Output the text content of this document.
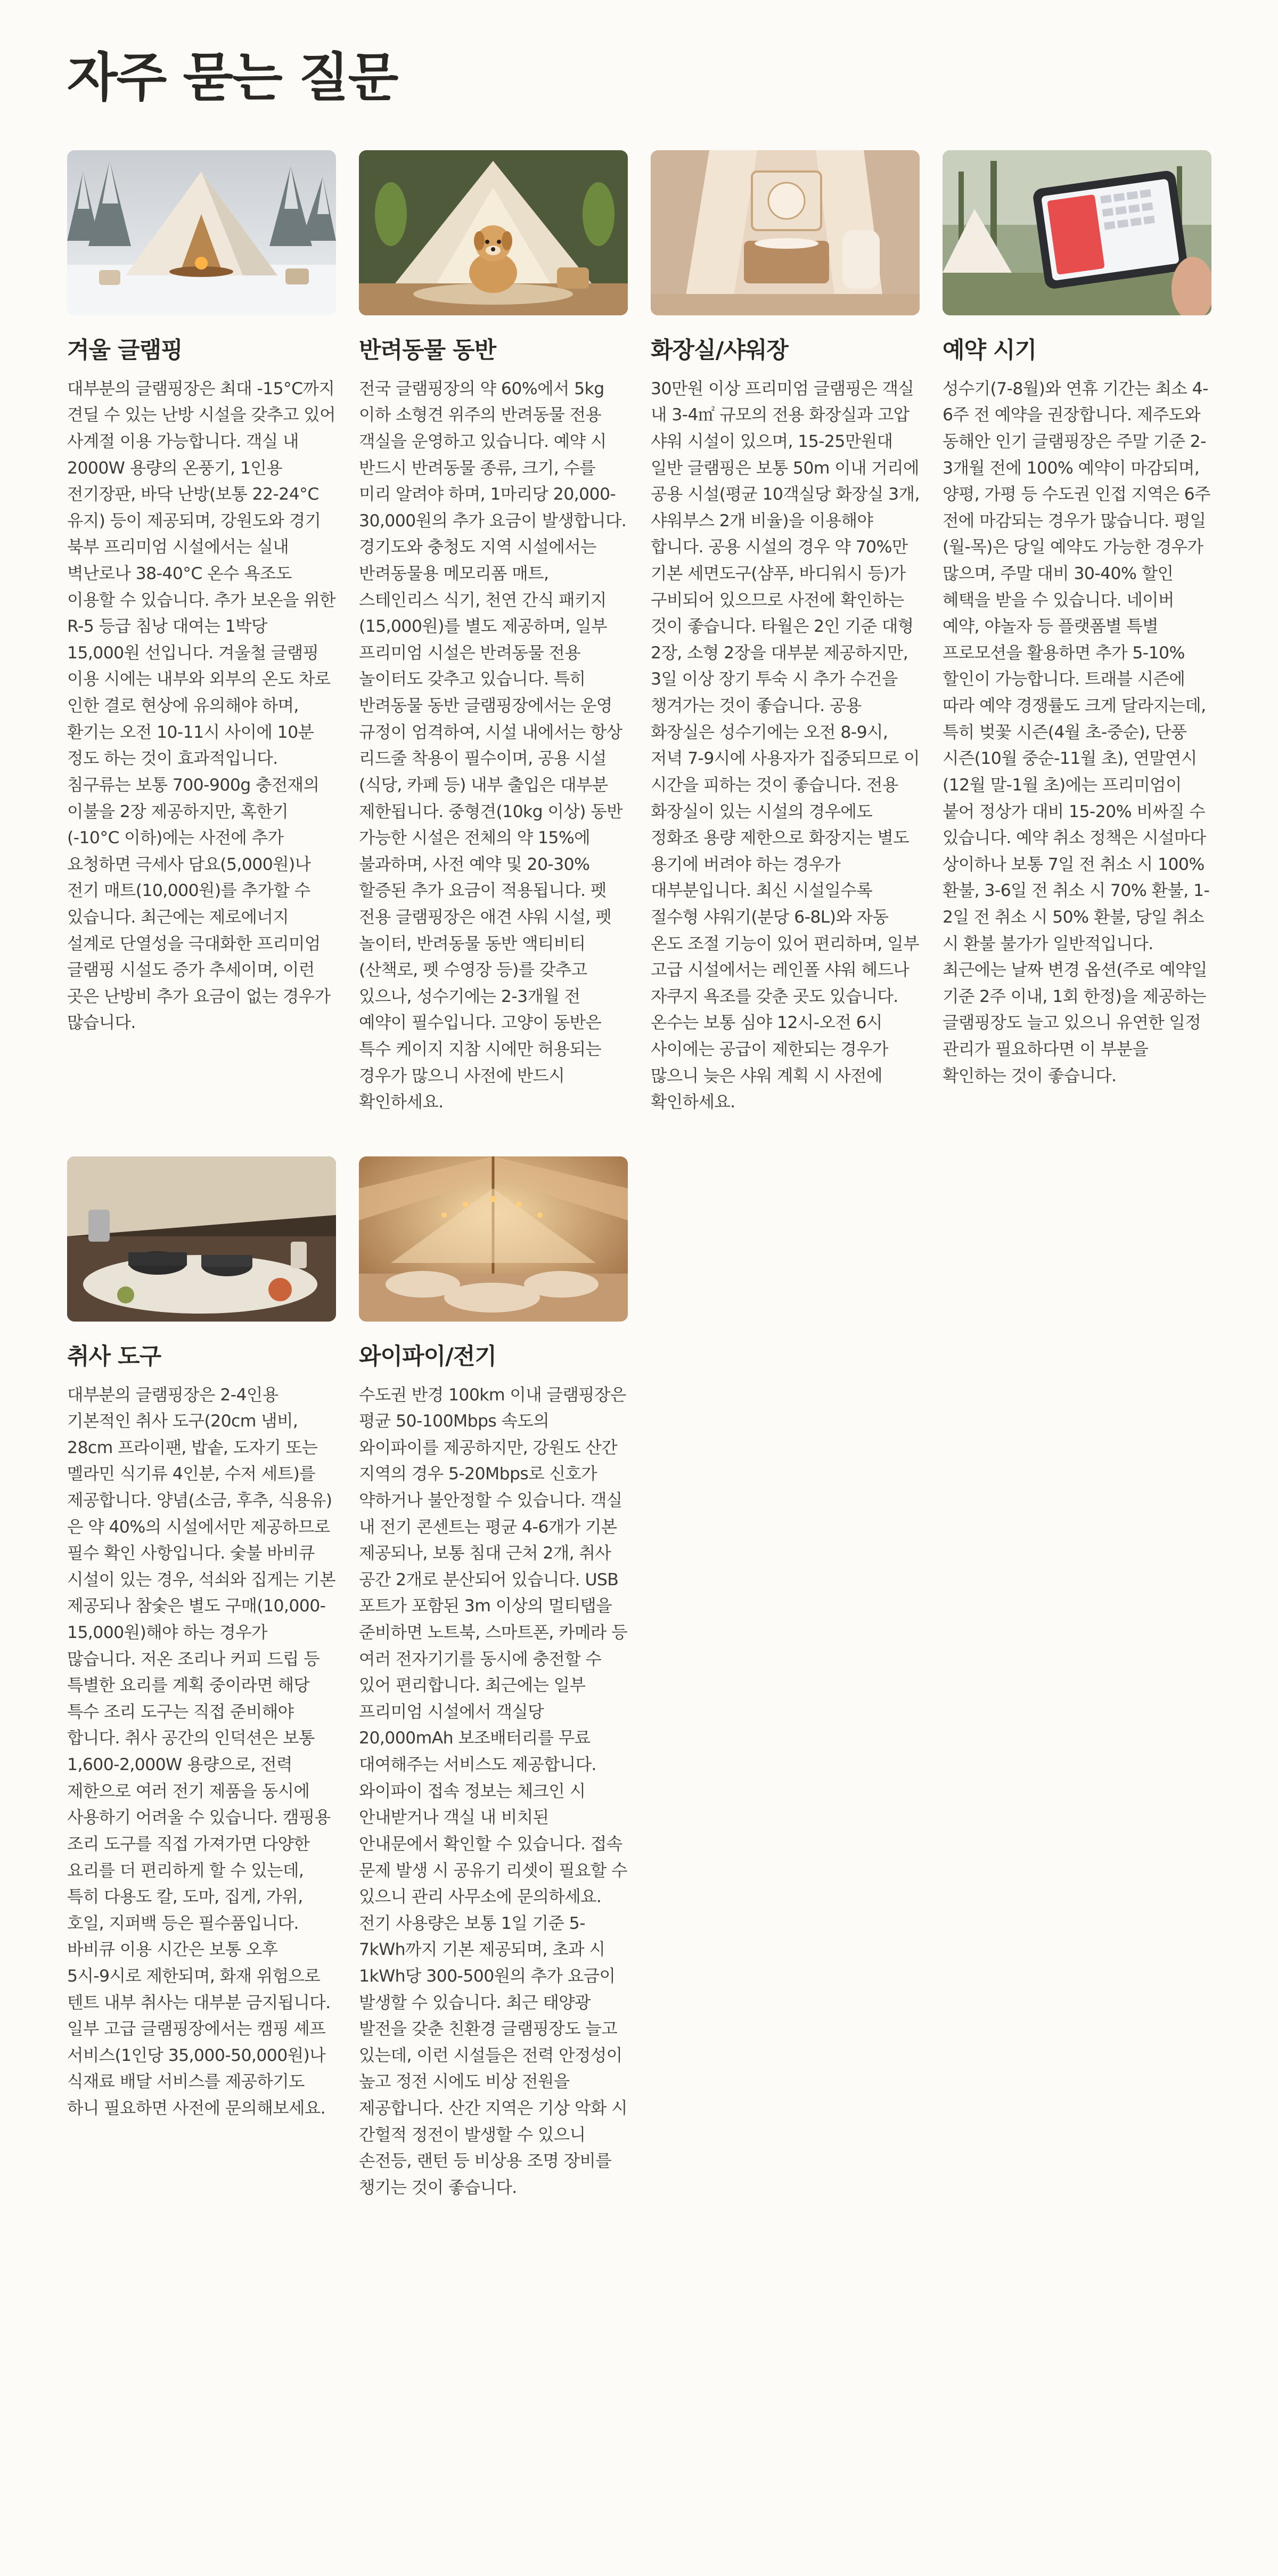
자주 묻는 질문
겨울 글램핑

대부분의 글램핑장은 최대 -15°C까지 견딜 수 있는 난방 시설을 갖추고 있어 사계절 이용 가능합니다. 객실 내 2000W 용량의 온풍기, 1인용 전기장판, 바닥 난방(보통 22-24°C 유지) 등이 제공되며, 강원도와 경기 북부 프리미엄 시설에서는 실내 벽난로나 38-40°C 온수 욕조도 이용할 수 있습니다. 추가 보온을 위한 R-5 등급 침낭 대여는 1박당 15,000원 선입니다. 겨울철 글램핑 이용 시에는 내부와 외부의 온도 차로 인한 결로 현상에 유의해야 하며, 환기는 오전 10-11시 사이에 10분 정도 하는 것이 효과적입니다. 침구류는 보통 700-900g 충전재의 이불을 2장 제공하지만, 혹한기(-10°C 이하)에는 사전에 추가 요청하면 극세사 담요(5,000원)나 전기 매트(10,000원)를 추가할 수 있습니다. 최근에는 제로에너지 설계로 단열성을 극대화한 프리미엄 글램핑 시설도 증가 추세이며, 이런 곳은 난방비 추가 요금이 없는 경우가 많습니다.

반려동물 동반

전국 글램핑장의 약 60%에서 5kg 이하 소형견 위주의 반려동물 전용 객실을 운영하고 있습니다. 예약 시 반드시 반려동물 종류, 크기, 수를 미리 알려야 하며, 1마리당 20,000-30,000원의 추가 요금이 발생합니다. 경기도와 충청도 지역 시설에서는 반려동물용 메모리폼 매트, 스테인리스 식기, 천연 간식 패키지(15,000원)를 별도 제공하며, 일부 프리미엄 시설은 반려동물 전용 놀이터도 갖추고 있습니다. 특히 반려동물 동반 글램핑장에서는 운영 규정이 엄격하여, 시설 내에서는 항상 리드줄 착용이 필수이며, 공용 시설(식당, 카페 등) 내부 출입은 대부분 제한됩니다. 중형견(10kg 이상) 동반 가능한 시설은 전체의 약 15%에 불과하며, 사전 예약 및 20-30% 할증된 추가 요금이 적용됩니다. 펫 전용 글램핑장은 애견 샤워 시설, 펫 놀이터, 반려동물 동반 액티비티(산책로, 펫 수영장 등)를 갖추고 있으나, 성수기에는 2-3개월 전 예약이 필수입니다. 고양이 동반은 특수 케이지 지참 시에만 허용되는 경우가 많으니 사전에 반드시 확인하세요.

화장실/샤워장

30만원 이상 프리미엄 글램핑은 객실 내 3-4㎡ 규모의 전용 화장실과 고압 샤워 시설이 있으며, 15-25만원대 일반 글램핑은 보통 50m 이내 거리에 공용 시설(평균 10객실당 화장실 3개, 샤워부스 2개 비율)을 이용해야 합니다. 공용 시설의 경우 약 70%만 기본 세면도구(샴푸, 바디워시 등)가 구비되어 있으므로 사전에 확인하는 것이 좋습니다. 타월은 2인 기준 대형 2장, 소형 2장을 대부분 제공하지만, 3일 이상 장기 투숙 시 추가 수건을 챙겨가는 것이 좋습니다. 공용 화장실은 성수기에는 오전 8-9시, 저녁 7-9시에 사용자가 집중되므로 이 시간을 피하는 것이 좋습니다. 전용 화장실이 있는 시설의 경우에도 정화조 용량 제한으로 화장지는 별도 용기에 버려야 하는 경우가 대부분입니다. 최신 시설일수록 절수형 샤워기(분당 6-8L)와 자동 온도 조절 기능이 있어 편리하며, 일부 고급 시설에서는 레인폴 샤워 헤드나 자쿠지 욕조를 갖춘 곳도 있습니다. 온수는 보통 심야 12시-오전 6시 사이에는 공급이 제한되는 경우가 많으니 늦은 샤워 계획 시 사전에 확인하세요.

예약 시기

성수기(7-8월)와 연휴 기간는 최소 4-6주 전 예약을 권장합니다. 제주도와 동해안 인기 글램핑장은 주말 기준 2-3개월 전에 100% 예약이 마감되며, 양평, 가평 등 수도권 인접 지역은 6주 전에 마감되는 경우가 많습니다. 평일(월-목)은 당일 예약도 가능한 경우가 많으며, 주말 대비 30-40% 할인 혜택을 받을 수 있습니다. 네이버 예약, 야놀자 등 플랫폼별 특별 프로모션을 활용하면 추가 5-10% 할인이 가능합니다. 트래블 시즌에 따라 예약 경쟁률도 크게 달라지는데, 특히 벚꽃 시즌(4월 초-중순), 단풍 시즌(10월 중순-11월 초), 연말연시(12월 말-1월 초)에는 프리미엄이 붙어 정상가 대비 15-20% 비싸질 수 있습니다. 예약 취소 정책은 시설마다 상이하나 보통 7일 전 취소 시 100% 환불, 3-6일 전 취소 시 70% 환불, 1-2일 전 취소 시 50% 환불, 당일 취소 시 환불 불가가 일반적입니다. 최근에는 날짜 변경 옵션(주로 예약일 기준 2주 이내, 1회 한정)을 제공하는 글램핑장도 늘고 있으니 유연한 일정 관리가 필요하다면 이 부분을 확인하는 것이 좋습니다.

취사 도구

대부분의 글램핑장은 2-4인용 기본적인 취사 도구(20cm 냄비, 28cm 프라이팬, 밥솥, 도자기 또는 멜라민 식기류 4인분, 수저 세트)를 제공합니다. 양념(소금, 후추, 식용유)은 약 40%의 시설에서만 제공하므로 필수 확인 사항입니다. 숯불 바비큐 시설이 있는 경우, 석쇠와 집게는 기본 제공되나 참숯은 별도 구매(10,000-15,000원)해야 하는 경우가 많습니다. 저온 조리나 커피 드립 등 특별한 요리를 계획 중이라면 해당 특수 조리 도구는 직접 준비해야 합니다. 취사 공간의 인덕션은 보통 1,600-2,000W 용량으로, 전력 제한으로 여러 전기 제품을 동시에 사용하기 어려울 수 있습니다. 캠핑용 조리 도구를 직접 가져가면 다양한 요리를 더 편리하게 할 수 있는데, 특히 다용도 칼, 도마, 집게, 가위, 호일, 지퍼백 등은 필수품입니다. 바비큐 이용 시간은 보통 오후 5시-9시로 제한되며, 화재 위험으로 텐트 내부 취사는 대부분 금지됩니다. 일부 고급 글램핑장에서는 캠핑 셰프 서비스(1인당 35,000-50,000원)나 식재료 배달 서비스를 제공하기도 하니 필요하면 사전에 문의해보세요.

와이파이/전기

수도권 반경 100km 이내 글램핑장은 평균 50-100Mbps 속도의 와이파이를 제공하지만, 강원도 산간 지역의 경우 5-20Mbps로 신호가 약하거나 불안정할 수 있습니다. 객실 내 전기 콘센트는 평균 4-6개가 기본 제공되나, 보통 침대 근처 2개, 취사 공간 2개로 분산되어 있습니다. USB 포트가 포함된 3m 이상의 멀티탭을 준비하면 노트북, 스마트폰, 카메라 등 여러 전자기기를 동시에 충전할 수 있어 편리합니다. 최근에는 일부 프리미엄 시설에서 객실당 20,000mAh 보조배터리를 무료 대여해주는 서비스도 제공합니다. 와이파이 접속 정보는 체크인 시 안내받거나 객실 내 비치된 안내문에서 확인할 수 있습니다. 접속 문제 발생 시 공유기 리셋이 필요할 수 있으니 관리 사무소에 문의하세요. 전기 사용량은 보통 1일 기준 5-7kWh까지 기본 제공되며, 초과 시 1kWh당 300-500원의 추가 요금이 발생할 수 있습니다. 최근 태양광 발전을 갖춘 친환경 글램핑장도 늘고 있는데, 이런 시설들은 전력 안정성이 높고 정전 시에도 비상 전원을 제공합니다. 산간 지역은 기상 악화 시 간헐적 정전이 발생할 수 있으니 손전등, 랜턴 등 비상용 조명 장비를 챙기는 것이 좋습니다.
